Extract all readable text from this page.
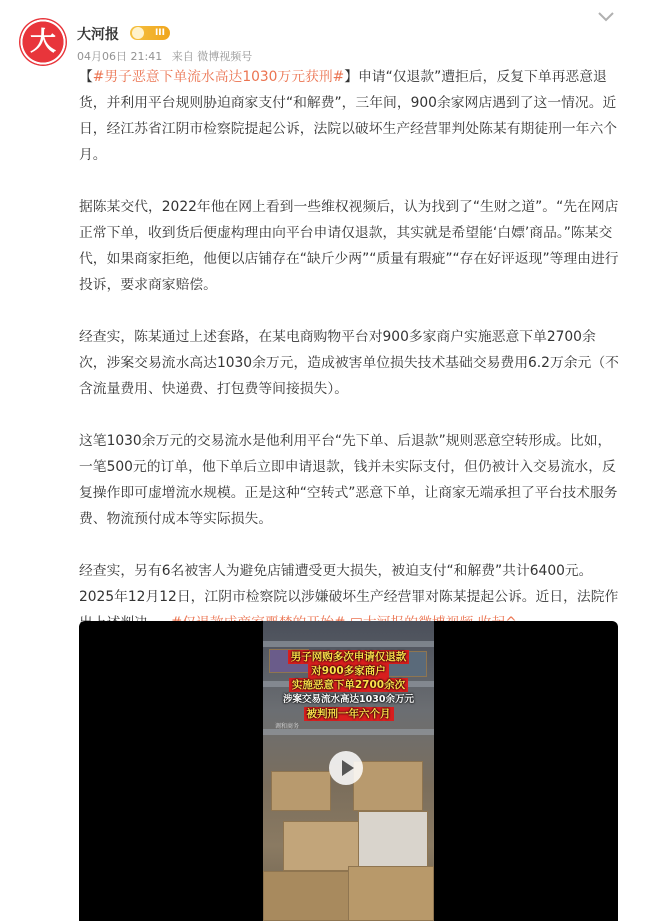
大	大河报	III
04月06日 21:41 来自 微博视频号

【#男子恶意下单流水高达1030万元获刑#】申请“仅退款”遭拒后，反复下单再恶意退货，并利用平台规则胁迫商家支付“和解费”，三年间，900余家网店遇到了这一情况。近日，经江苏省江阴市检察院提起公诉，法院以破坏生产经营罪判处陈某有期徒刑一年六个月。

据陈某交代，2022年他在网上看到一些维权视频后，认为找到了“生财之道”。“先在网店正常下单，收到货后便虚构理由向平台申请仅退款，其实就是希望能‘白嫖’商品。”陈某交代，如果商家拒绝，他便以店铺存在“缺斤少两”“质量有瑕疵”“存在好评返现”等理由进行投诉，要求商家赔偿。

经查实，陈某通过上述套路，在某电商购物平台对900多家商户实施恶意下单2700余次，涉案交易流水高达1030余万元，造成被害单位损失技术基础交易费用6.2万余元（不含流量费用、快递费、打包费等间接损失）。

这笔1030余万元的交易流水是他利用平台“先下单、后退款”规则恶意空转形成。比如，一笔500元的订单，他下单后立即申请退款，钱并未实际支付，但仍被计入交易流水，反复操作即可虚增流水规模。正是这种“空转式”恶意下单，让商家无端承担了平台技术服务费、物流预付成本等实际损失。

经查实，另有6名被害人为避免店铺遭受更大损失，被迫支付“和解费”共计6400元。2025年12月12日，江阴市检察院以涉嫌破坏生产经营罪对陈某提起公诉。近日，法院作

男子网购多次申请仅退款
对900多家商户
实施恶意下单2700余次
涉案交易流水高达1030余万元
被判刑一年六个月
调和商务
